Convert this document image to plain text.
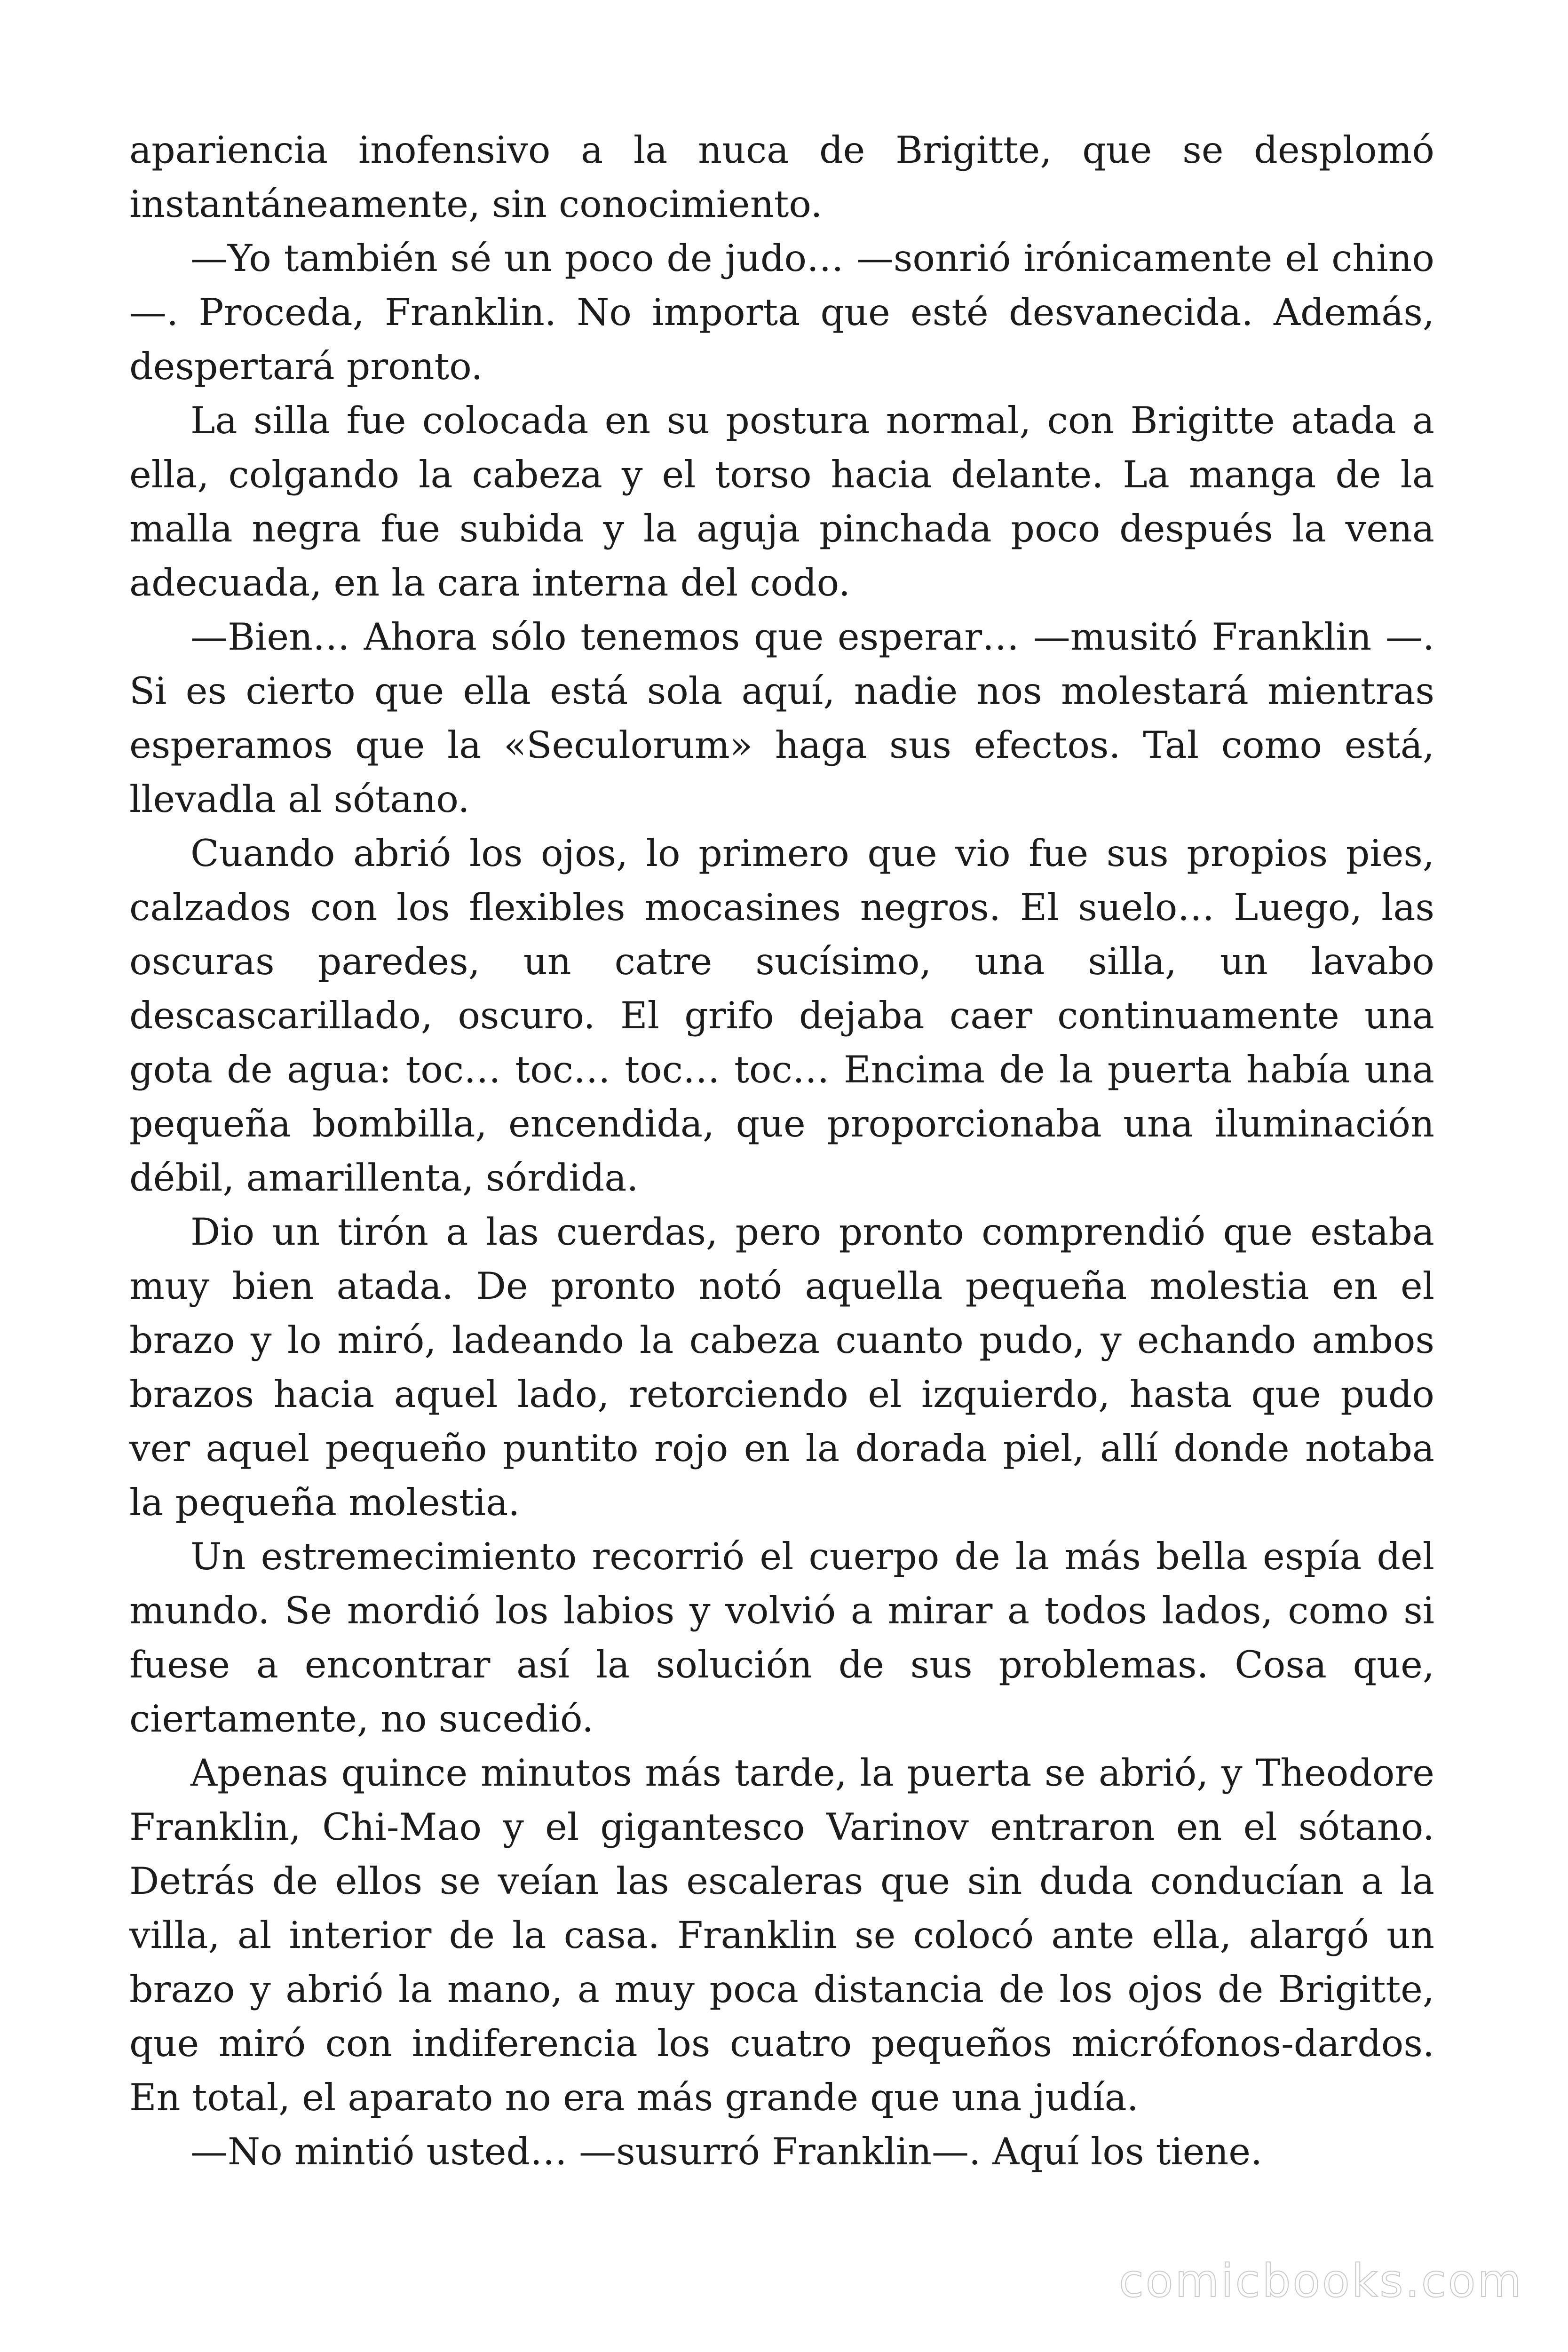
apariencia inofensivo a la nuca de Brigitte, que se desplomó instantáneamente, sin conocimiento.

—Yo también sé un poco de judo… —sonrió irónicamente el chino—. Proceda, Franklin. No importa que esté desvanecida. Además, despertará pronto.

La silla fue colocada en su postura normal, con Brigitte atada a ella, colgando la cabeza y el torso hacia delante. La manga de la malla negra fue subida y la aguja pinchada poco después la vena adecuada, en la cara interna del codo.

—Bien… Ahora sólo tenemos que esperar… —musitó Franklin —. Si es cierto que ella está sola aquí, nadie nos molestará mientras esperamos que la «Seculorum» haga sus efectos. Tal como está, llevadla al sótano.

Cuando abrió los ojos, lo primero que vio fue sus propios pies, calzados con los flexibles mocasines negros. El suelo… Luego, las oscuras paredes, un catre sucísimo, una silla, un lavabo descascarillado, oscuro. El grifo dejaba caer continuamente una gota de agua: toc… toc… toc… toc… Encima de la puerta había una pequeña bombilla, encendida, que proporcionaba una iluminación débil, amarillenta, sórdida.

Dio un tirón a las cuerdas, pero pronto comprendió que estaba muy bien atada. De pronto notó aquella pequeña molestia en el brazo y lo miró, ladeando la cabeza cuanto pudo, y echando ambos brazos hacia aquel lado, retorciendo el izquierdo, hasta que pudo ver aquel pequeño puntito rojo en la dorada piel, allí donde notaba la pequeña molestia.

Un estremecimiento recorrió el cuerpo de la más bella espía del mundo. Se mordió los labios y volvió a mirar a todos lados, como si fuese a encontrar así la solución de sus problemas. Cosa que, ciertamente, no sucedió.

Apenas quince minutos más tarde, la puerta se abrió, y Theodore Franklin, Chi-Mao y el gigantesco Varinov entraron en el sótano. Detrás de ellos se veían las escaleras que sin duda conducían a la villa, al interior de la casa. Franklin se colocó ante ella, alargó un brazo y abrió la mano, a muy poca distancia de los ojos de Brigitte, que miró con indiferencia los cuatro pequeños micrófonos-dardos. En total, el aparato no era más grande que una judía.

—No mintió usted… —susurró Franklin—. Aquí los tiene.

comicbooks.com
